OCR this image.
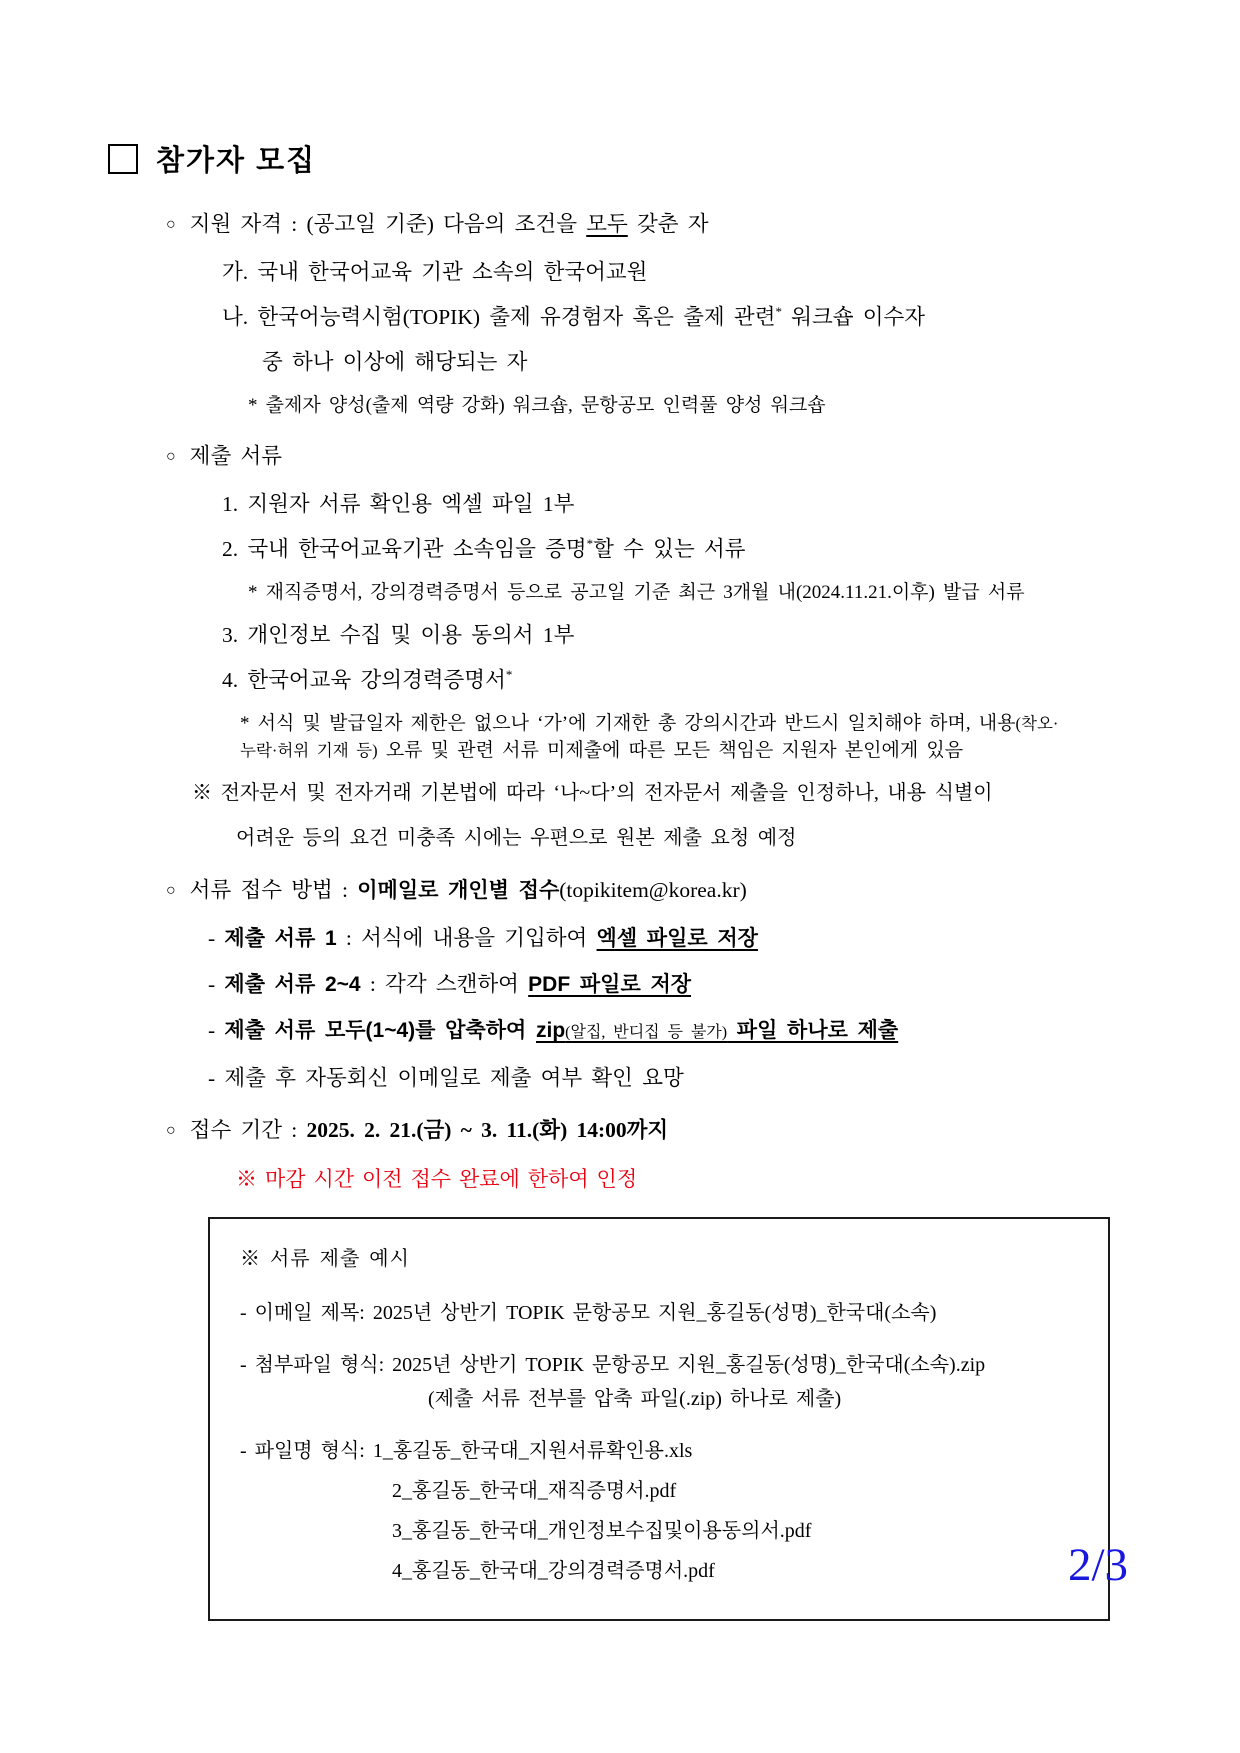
참가자 모집
○ 지원 자격 : (공고일 기준) 다음의 조건을 모두 갖춘 자
가. 국내 한국어교육 기관 소속의 한국어교원
나. 한국어능력시험(TOPIK) 출제 유경험자 혹은 출제 관련* 워크숍 이수자
중 하나 이상에 해당되는 자
* 출제자 양성(출제 역량 강화) 워크숍, 문항공모 인력풀 양성 워크숍
○ 제출 서류
1. 지원자 서류 확인용 엑셀 파일 1부
2. 국내 한국어교육기관 소속임을 증명*할 수 있는 서류
* 재직증명서, 강의경력증명서 등으로 공고일 기준 최근 3개월 내(2024.11.21.이후) 발급 서류
3. 개인정보 수집 및 이용 동의서 1부
4. 한국어교육 강의경력증명서*
* 서식 및 발급일자 제한은 없으나 ‘가’에 기재한 총 강의시간과 반드시 일치해야 하며, 내용(착오·
누락·허위 기재 등) 오류 및 관련 서류 미제출에 따른 모든 책임은 지원자 본인에게 있음
※ 전자문서 및 전자거래 기본법에 따라 ‘나~다’의 전자문서 제출을 인정하나, 내용 식별이
어려운 등의 요건 미충족 시에는 우편으로 원본 제출 요청 예정
○ 서류 접수 방법 : 이메일로 개인별 접수(topikitem@korea.kr)
- 제출 서류 1 : 서식에 내용을 기입하여 엑셀 파일로 저장
- 제출 서류 2~4 : 각각 스캔하여 PDF 파일로 저장
- 제출 서류 모두(1~4)를 압축하여 zip(알집, 반디집 등 불가) 파일 하나로 제출
- 제출 후 자동회신 이메일로 제출 여부 확인 요망
○ 접수 기간 : 2025. 2. 21.(금) ~ 3. 11.(화) 14:00까지
※ 마감 시간 이전 접수 완료에 한하여 인정
※ 서류 제출 예시
- 이메일 제목: 2025년 상반기 TOPIK 문항공모 지원_홍길동(성명)_한국대(소속)
- 첨부파일 형식: 2025년 상반기 TOPIK 문항공모 지원_홍길동(성명)_한국대(소속).zip
(제출 서류 전부를 압축 파일(.zip) 하나로 제출)
- 파일명 형식: 1_홍길동_한국대_지원서류확인용.xls
2_홍길동_한국대_재직증명서.pdf
3_홍길동_한국대_개인정보수집및이용동의서.pdf
4_홍길동_한국대_강의경력증명서.pdf	2/3
